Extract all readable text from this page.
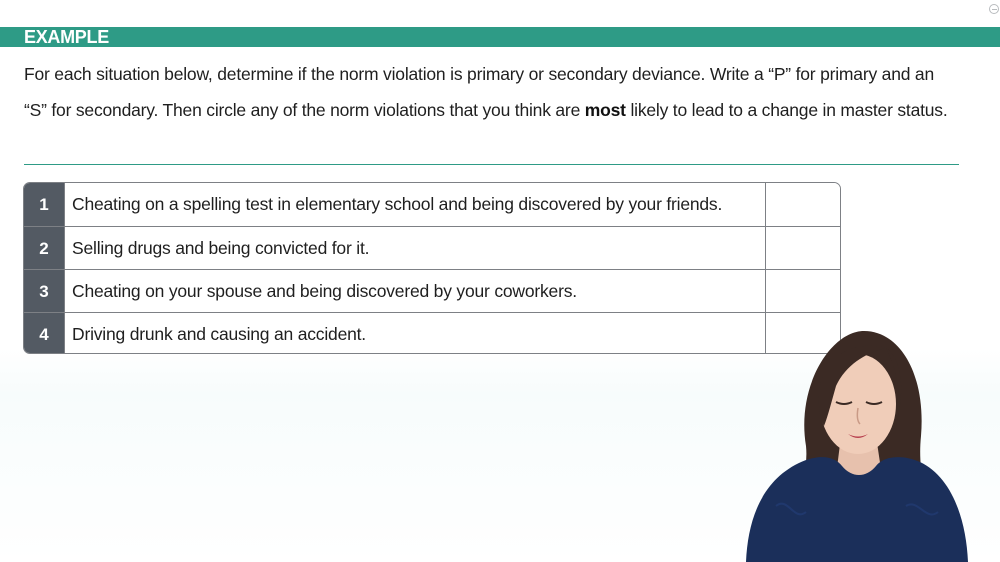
EXAMPLE
For each situation below, determine if the norm violation is primary or secondary deviance. Write a “P” for primary and an “S” for secondary. Then circle any of the norm violations that you think are most likely to lead to a change in master status.
1	Cheating on a spelling test in elementary school and being discovered by your friends.
2	Selling drugs and being convicted for it.
3	Cheating on your spouse and being discovered by your coworkers.
4	Driving drunk and causing an accident.
